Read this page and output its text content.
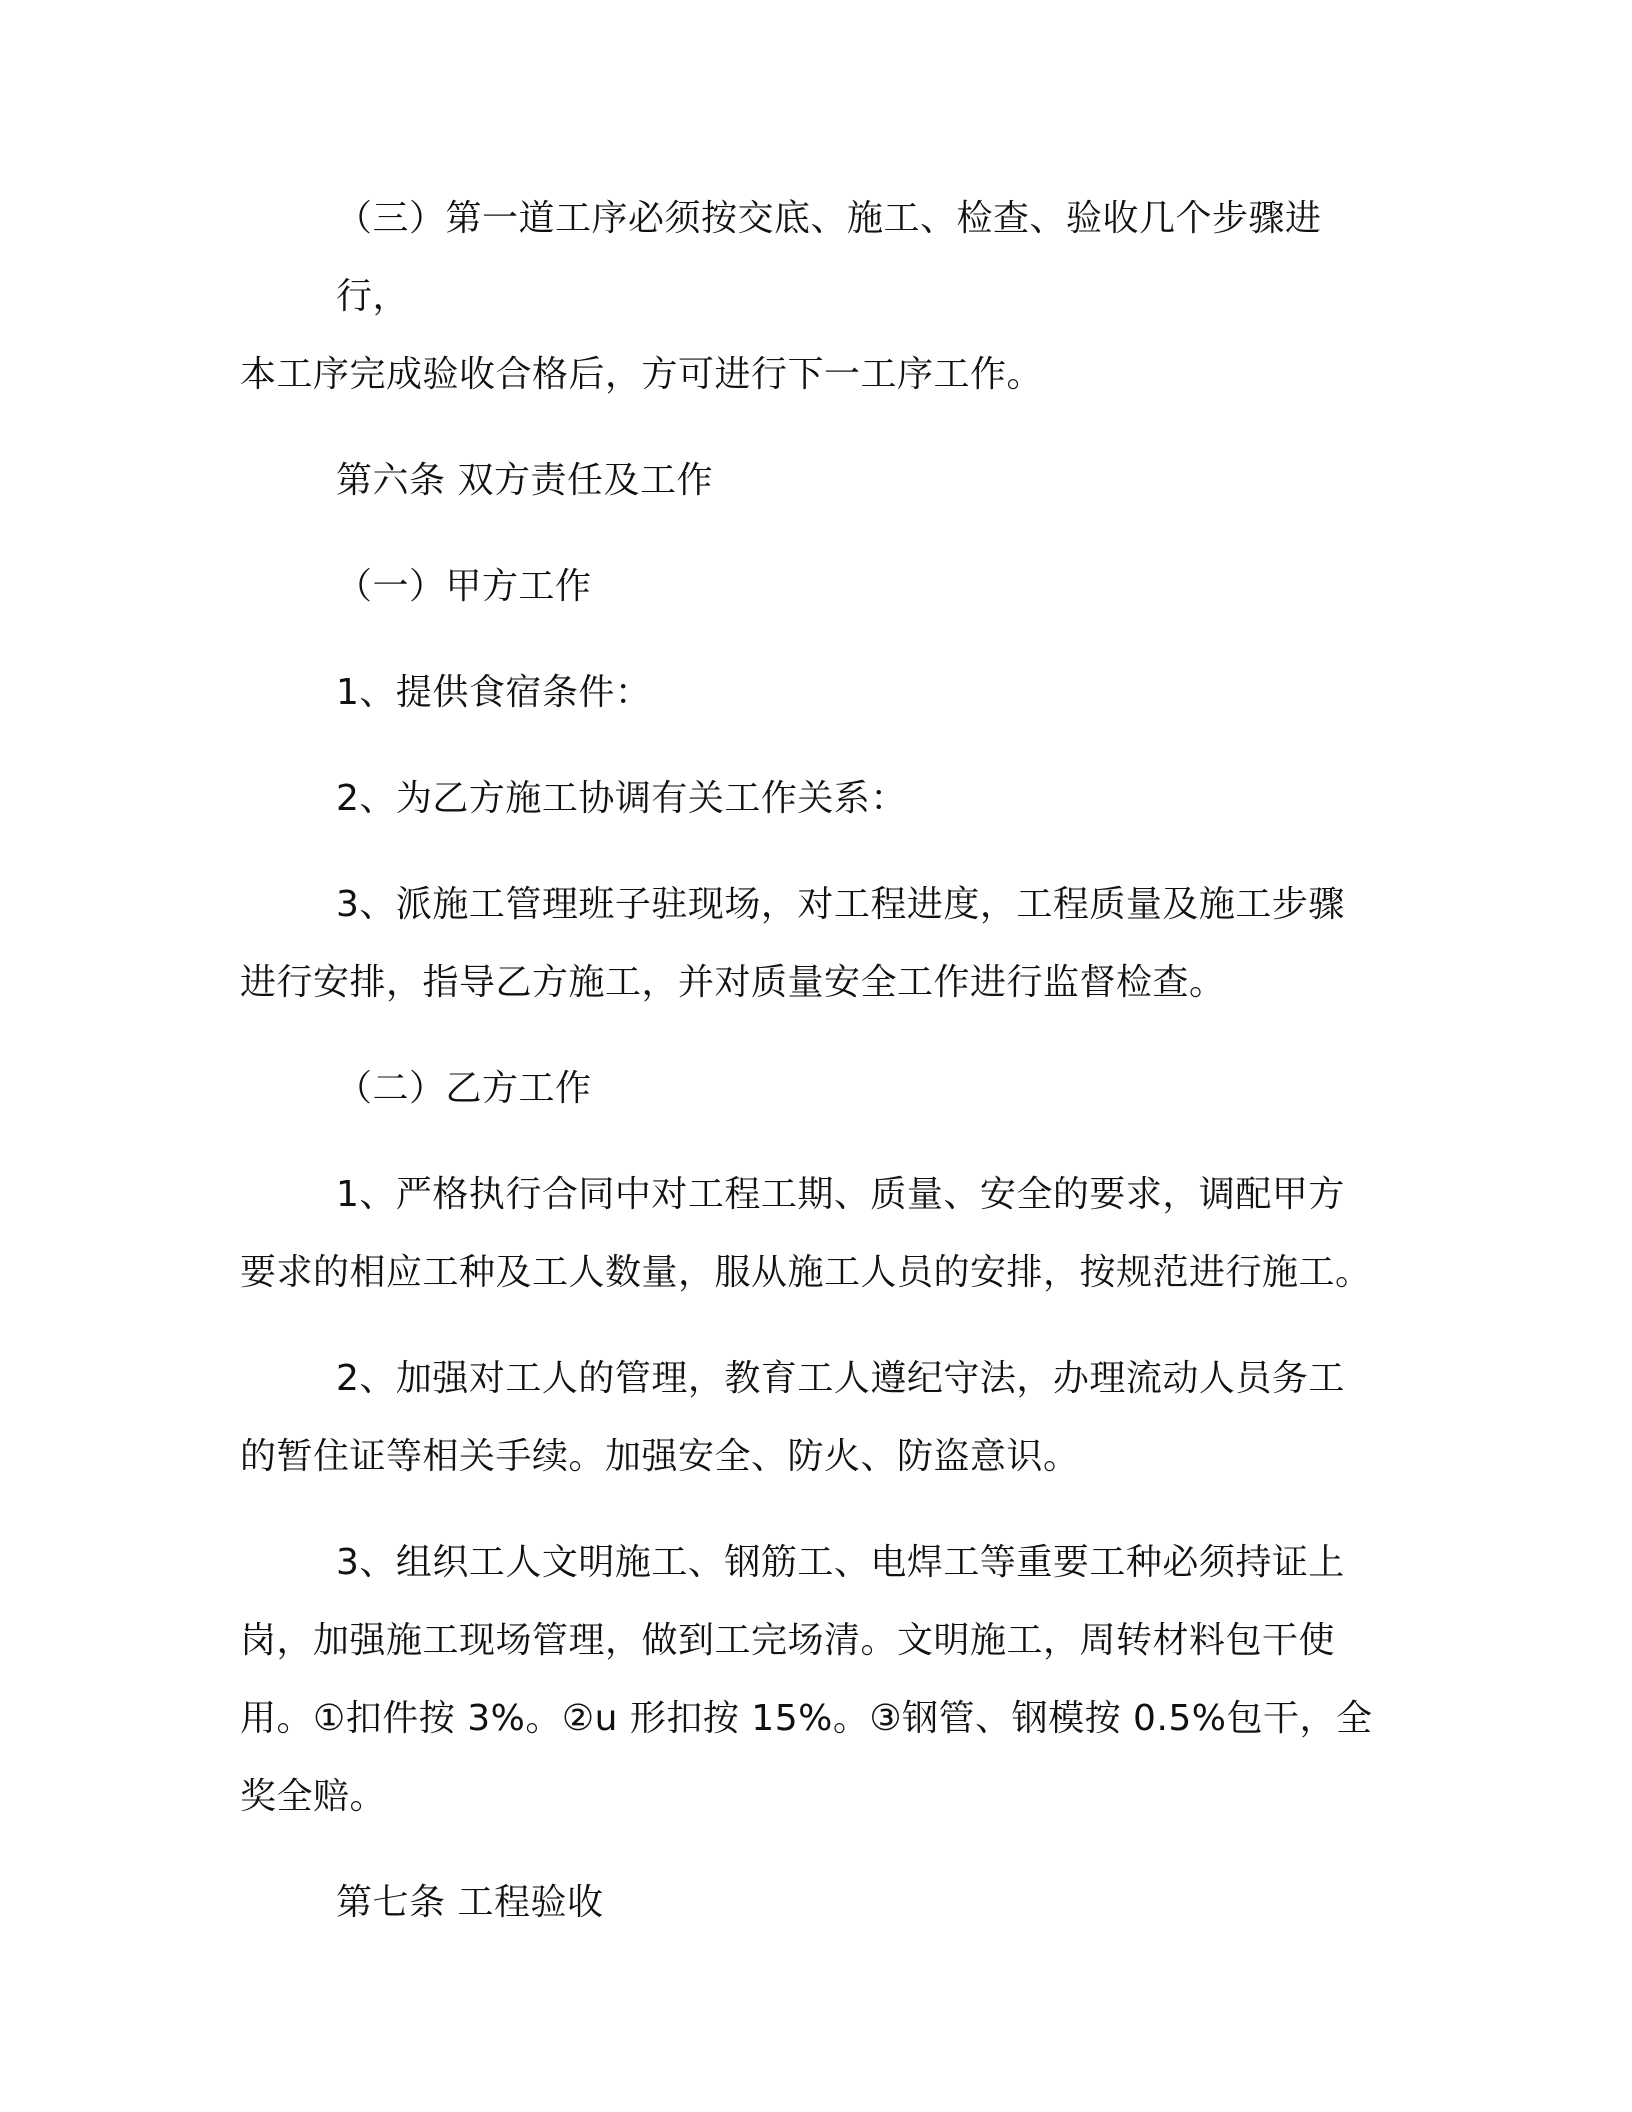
（三）第一道工序必须按交底、施工、检查、验收几个步骤进行，
本工序完成验收合格后，方可进行下一工序工作。
第六条 双方责任及工作
（一）甲方工作
1、提供食宿条件：
2、为乙方施工协调有关工作关系：
3、派施工管理班子驻现场，对工程进度，工程质量及施工步骤
进行安排，指导乙方施工，并对质量安全工作进行监督检查。
（二）乙方工作
1、严格执行合同中对工程工期、质量、安全的要求，调配甲方
要求的相应工种及工人数量，服从施工人员的安排，按规范进行施工。
2、加强对工人的管理，教育工人遵纪守法，办理流动人员务工
的暂住证等相关手续。加强安全、防火、防盗意识。
3、组织工人文明施工、钢筋工、电焊工等重要工种必须持证上
岗，加强施工现场管理，做到工完场清。文明施工，周转材料包干使
用。①扣件按 3%。②u 形扣按 15%。③钢管、钢模按 0.5%包干，全
奖全赔。
第七条 工程验收
